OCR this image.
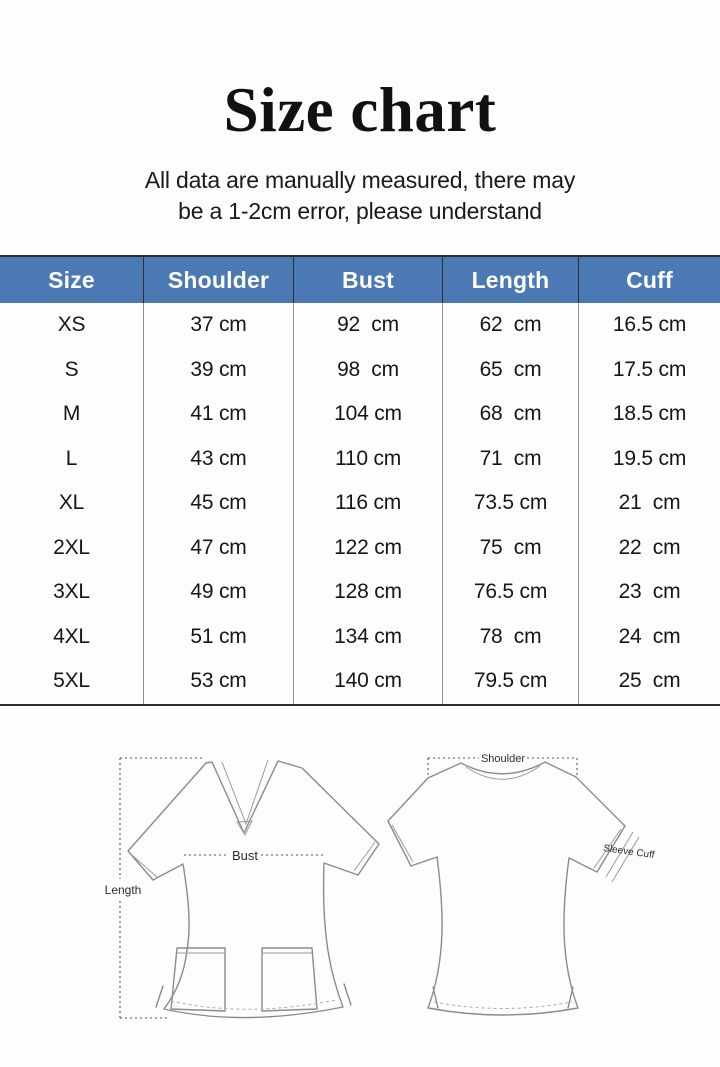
Size chart
All data are manually measured, there may
be a 1-2cm error, please understand
Size	Shoulder	Bust	Length	Cuff
XS	37 cm	92  cm	62  cm	16.5 cm
S	39 cm	98  cm	65  cm	17.5 cm
M	41 cm	104 cm	68  cm	18.5 cm
L	43 cm	110 cm	71  cm	19.5 cm
XL	45 cm	116 cm	73.5 cm	21  cm
2XL	47 cm	122 cm	75  cm	22  cm
3XL	49 cm	128 cm	76.5 cm	23  cm
4XL	51 cm	134 cm	78  cm	24  cm
5XL	53 cm	140 cm	79.5 cm	25  cm
Length
Bust
Shoulder
Sleeve Cuff
